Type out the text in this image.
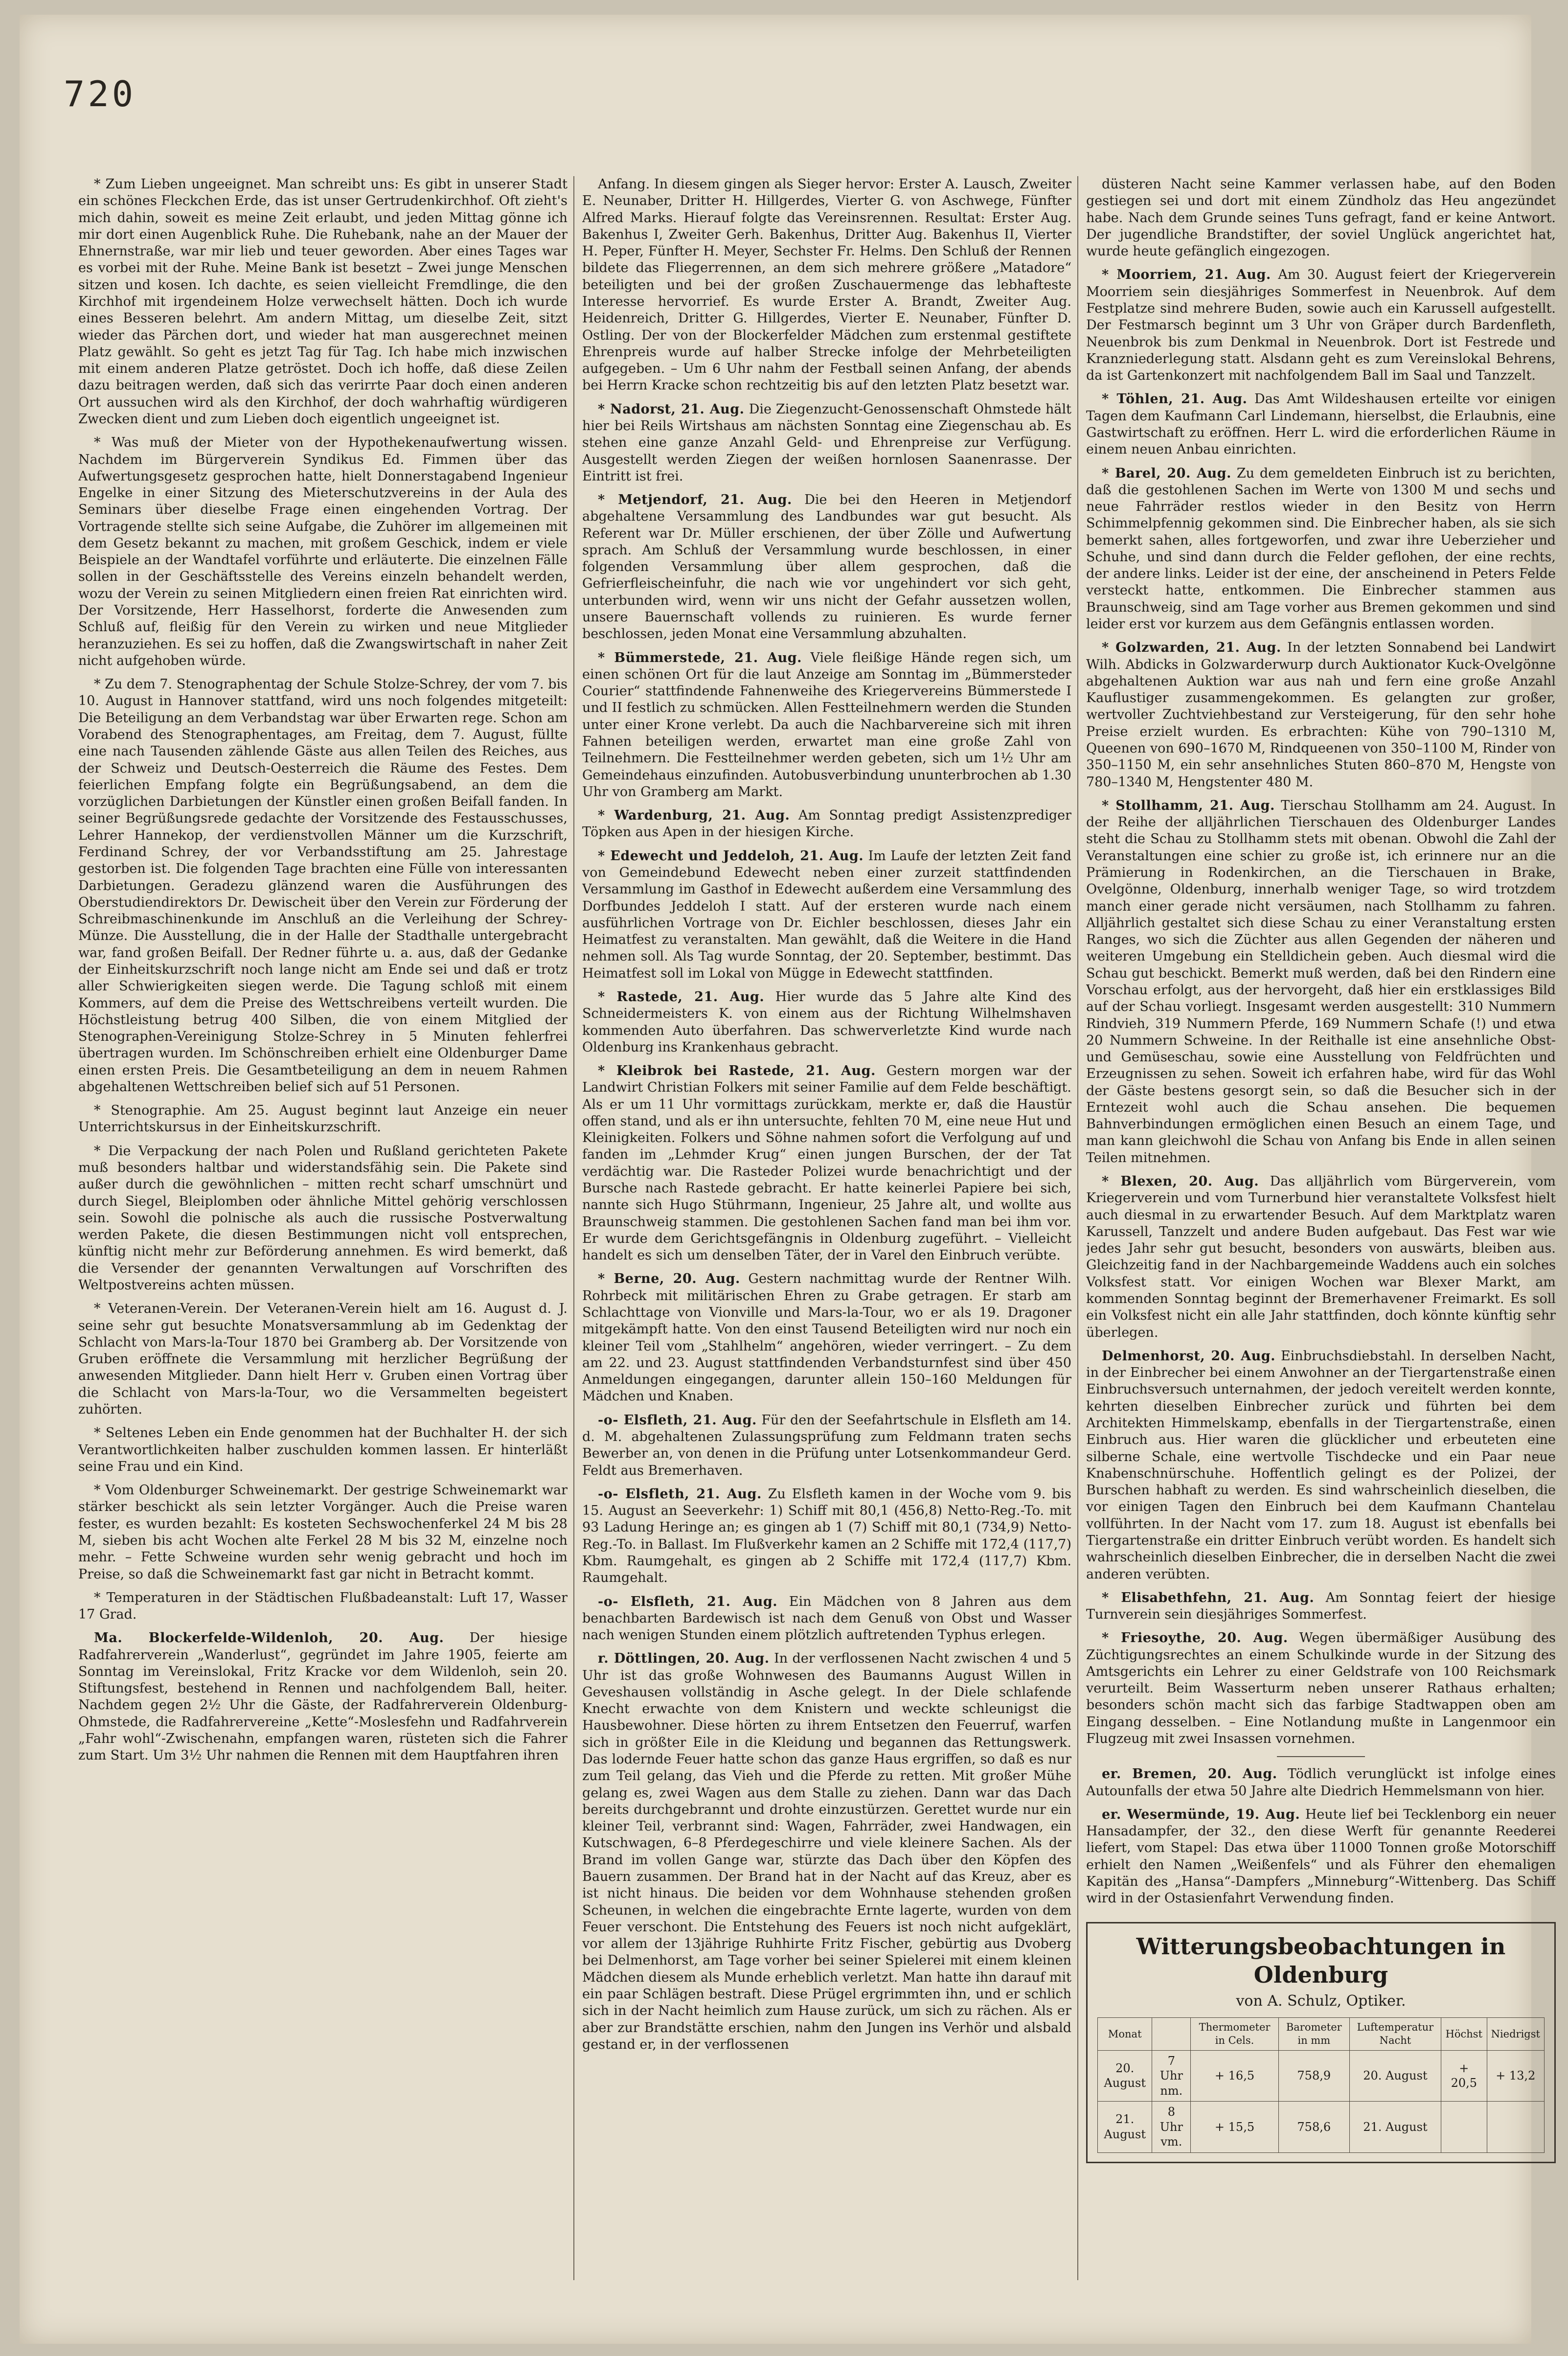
720

* Zum Lieben ungeeignet. Man schreibt uns: Es gibt in unserer Stadt ein schönes Fleckchen Erde, das ist unser Gertrudenkirchhof. Oft zieht's mich dahin, soweit es meine Zeit erlaubt, und jeden Mittag gönne ich mir dort einen Augenblick Ruhe. Die Ruhebank, nahe an der Mauer der Ehnernstraße, war mir lieb und teuer geworden. Aber eines Tages war es vorbei mit der Ruhe. Meine Bank ist besetzt – Zwei junge Menschen sitzen und kosen. Ich dachte, es seien vielleicht Fremdlinge, die den Kirchhof mit irgendeinem Holze verwechselt hätten. Doch ich wurde eines Besseren belehrt. Am andern Mittag, um dieselbe Zeit, sitzt wieder das Pärchen dort, und wieder hat man ausgerechnet meinen Platz gewählt. So geht es jetzt Tag für Tag. Ich habe mich inzwischen mit einem anderen Platze getröstet. Doch ich hoffe, daß diese Zeilen dazu beitragen werden, daß sich das verirrte Paar doch einen anderen Ort aussuchen wird als den Kirchhof, der doch wahrhaftig würdigeren Zwecken dient und zum Lieben doch eigentlich ungeeignet ist.

* Was muß der Mieter von der Hypothekenaufwertung wissen. Nachdem im Bürgerverein Syndikus Ed. Fimmen über das Aufwertungsgesetz gesprochen hatte, hielt Donnerstagabend Ingenieur Engelke in einer Sitzung des Mieterschutzvereins in der Aula des Seminars über dieselbe Frage einen eingehenden Vortrag. Der Vortragende stellte sich seine Aufgabe, die Zuhörer im allgemeinen mit dem Gesetz bekannt zu machen, mit großem Geschick, indem er viele Beispiele an der Wandtafel vorführte und erläuterte. Die einzelnen Fälle sollen in der Geschäftsstelle des Vereins einzeln behandelt werden, wozu der Verein zu seinen Mitgliedern einen freien Rat einrichten wird. Der Vorsitzende, Herr Hasselhorst, forderte die Anwesenden zum Schluß auf, fleißig für den Verein zu wirken und neue Mitglieder heranzuziehen. Es sei zu hoffen, daß die Zwangswirtschaft in naher Zeit nicht aufgehoben würde.

* Zu dem 7. Stenographentag der Schule Stolze-Schrey, der vom 7. bis 10. August in Hannover stattfand, wird uns noch folgendes mitgeteilt: Die Beteiligung an dem Verbandstag war über Erwarten rege. Schon am Vorabend des Stenographentages, am Freitag, dem 7. August, füllte eine nach Tausenden zählende Gäste aus allen Teilen des Reiches, aus der Schweiz und Deutsch-Oesterreich die Räume des Festes. Dem feierlichen Empfang folgte ein Begrüßungsabend, an dem die vorzüglichen Darbietungen der Künstler einen großen Beifall fanden. In seiner Begrüßungsrede gedachte der Vorsitzende des Festausschusses, Lehrer Hannekop, der verdienstvollen Männer um die Kurzschrift, Ferdinand Schrey, der vor Verbandsstiftung am 25. Jahrestage gestorben ist. Die folgenden Tage brachten eine Fülle von interessanten Darbietungen. Geradezu glänzend waren die Ausführungen des Oberstudiendirektors Dr. Dewischeit über den Verein zur Förderung der Schreibmaschinenkunde im Anschluß an die Verleihung der Schrey-Münze. Die Ausstellung, die in der Halle der Stadthalle untergebracht war, fand großen Beifall. Der Redner führte u. a. aus, daß der Gedanke der Einheitskurzschrift noch lange nicht am Ende sei und daß er trotz aller Schwierigkeiten siegen werde. Die Tagung schloß mit einem Kommers, auf dem die Preise des Wettschreibens verteilt wurden. Die Höchstleistung betrug 400 Silben, die von einem Mitglied der Stenographen-Vereinigung Stolze-Schrey in 5 Minuten fehlerfrei übertragen wurden. Im Schönschreiben erhielt eine Oldenburger Dame einen ersten Preis. Die Gesamtbeteiligung an dem in neuem Rahmen abgehaltenen Wettschreiben belief sich auf 51 Personen.

* Stenographie. Am 25. August beginnt laut Anzeige ein neuer Unterrichtskursus in der Einheitskurzschrift.

* Die Verpackung der nach Polen und Rußland gerichteten Pakete muß besonders haltbar und widerstandsfähig sein. Die Pakete sind außer durch die gewöhnlichen – mitten recht scharf umschnürt und durch Siegel, Bleiplomben oder ähnliche Mittel gehörig verschlossen sein. Sowohl die polnische als auch die russische Postverwaltung werden Pakete, die diesen Bestimmungen nicht voll entsprechen, künftig nicht mehr zur Beförderung annehmen. Es wird bemerkt, daß die Versender der genannten Verwaltungen auf Vorschriften des Weltpostvereins achten müssen.

* Veteranen-Verein. Der Veteranen-Verein hielt am 16. August d. J. seine sehr gut besuchte Monatsversammlung ab im Gedenktag der Schlacht von Mars-la-Tour 1870 bei Gramberg ab. Der Vorsitzende von Gruben eröffnete die Versammlung mit herzlicher Begrüßung der anwesenden Mitglieder. Dann hielt Herr v. Gruben einen Vortrag über die Schlacht von Mars-la-Tour, wo die Versammelten begeistert zuhörten.

* Seltenes Leben ein Ende genommen hat der Buchhalter H. der sich Verantwortlichkeiten halber zuschulden kommen lassen. Er hinterläßt seine Frau und ein Kind.

* Vom Oldenburger Schweinemarkt. Der gestrige Schweinemarkt war stärker beschickt als sein letzter Vorgänger. Auch die Preise waren fester, es wurden bezahlt: Es kosteten Sechswochenferkel 24 M bis 28 M, sieben bis acht Wochen alte Ferkel 28 M bis 32 M, einzelne noch mehr. – Fette Schweine wurden sehr wenig gebracht und hoch im Preise, so daß die Schweinemarkt fast gar nicht in Betracht kommt.

* Temperaturen in der Städtischen Flußbadeanstalt: Luft 17, Wasser 17 Grad.

Ma. Blockerfelde-Wildenloh, 20. Aug. Der hiesige Radfahrerverein „Wanderlust“, gegründet im Jahre 1905, feierte am Sonntag im Vereinslokal, Fritz Kracke vor dem Wildenloh, sein 20. Stiftungsfest, bestehend in Rennen und nachfolgendem Ball, heiter. Nachdem gegen 2½ Uhr die Gäste, der Radfahrerverein Oldenburg-Ohmstede, die Radfahrervereine „Kette“-Moslesfehn und Radfahrverein „Fahr wohl“-Zwischenahn, empfangen waren, rüsteten sich die Fahrer zum Start. Um 3½ Uhr nahmen die Rennen mit dem Hauptfahren ihren

Anfang. In diesem gingen als Sieger hervor: Erster A. Lausch, Zweiter E. Neunaber, Dritter H. Hillgerdes, Vierter G. von Aschwege, Fünfter Alfred Marks. Hierauf folgte das Vereinsrennen. Resultat: Erster Aug. Bakenhus I, Zweiter Gerh. Bakenhus, Dritter Aug. Bakenhus II, Vierter H. Peper, Fünfter H. Meyer, Sechster Fr. Helms. Den Schluß der Rennen bildete das Fliegerrennen, an dem sich mehrere größere „Matadore“ beteiligten und bei der großen Zuschauermenge das lebhafteste Interesse hervorrief. Es wurde Erster A. Brandt, Zweiter Aug. Heidenreich, Dritter G. Hillgerdes, Vierter E. Neunaber, Fünfter D. Ostling. Der von der Blockerfelder Mädchen zum erstenmal gestiftete Ehrenpreis wurde auf halber Strecke infolge der Mehrbeteiligten aufgegeben. – Um 6 Uhr nahm der Festball seinen Anfang, der abends bei Herrn Kracke schon rechtzeitig bis auf den letzten Platz besetzt war.

* Nadorst, 21. Aug. Die Ziegenzucht-Genossenschaft Ohmstede hält hier bei Reils Wirtshaus am nächsten Sonntag eine Ziegenschau ab. Es stehen eine ganze Anzahl Geld- und Ehrenpreise zur Verfügung. Ausgestellt werden Ziegen der weißen hornlosen Saanenrasse. Der Eintritt ist frei.

* Metjendorf, 21. Aug. Die bei den Heeren in Metjendorf abgehaltene Versammlung des Landbundes war gut besucht. Als Referent war Dr. Müller erschienen, der über Zölle und Aufwertung sprach. Am Schluß der Versammlung wurde beschlossen, in einer folgenden Versammlung über allem gesprochen, daß die Gefrierfleischeinfuhr, die nach wie vor ungehindert vor sich geht, unterbunden wird, wenn wir uns nicht der Gefahr aussetzen wollen, unsere Bauernschaft vollends zu ruinieren. Es wurde ferner beschlossen, jeden Monat eine Versammlung abzuhalten.

* Bümmerstede, 21. Aug. Viele fleißige Hände regen sich, um einen schönen Ort für die laut Anzeige am Sonntag im „Bümmersteder Courier“ stattfindende Fahnenweihe des Kriegervereins Bümmerstede I und II festlich zu schmücken. Allen Festteilnehmern werden die Stunden unter einer Krone verlebt. Da auch die Nachbarvereine sich mit ihren Fahnen beteiligen werden, erwartet man eine große Zahl von Teilnehmern. Die Festteilnehmer werden gebeten, sich um 1½ Uhr am Gemeindehaus einzufinden. Autobusverbindung ununterbrochen ab 1.30 Uhr von Gramberg am Markt.

* Wardenburg, 21. Aug. Am Sonntag predigt Assistenzprediger Töpken aus Apen in der hiesigen Kirche.

* Edewecht und Jeddeloh, 21. Aug. Im Laufe der letzten Zeit fand von Gemeindebund Edewecht neben einer zurzeit stattfindenden Versammlung im Gasthof in Edewecht außerdem eine Versammlung des Dorfbundes Jeddeloh I statt. Auf der ersteren wurde nach einem ausführlichen Vortrage von Dr. Eichler beschlossen, dieses Jahr ein Heimatfest zu veranstalten. Man gewählt, daß die Weitere in die Hand nehmen soll. Als Tag wurde Sonntag, der 20. September, bestimmt. Das Heimatfest soll im Lokal von Mügge in Edewecht stattfinden.

* Rastede, 21. Aug. Hier wurde das 5 Jahre alte Kind des Schneidermeisters K. von einem aus der Richtung Wilhelmshaven kommenden Auto überfahren. Das schwerverletzte Kind wurde nach Oldenburg ins Krankenhaus gebracht.

* Kleibrok bei Rastede, 21. Aug. Gestern morgen war der Landwirt Christian Folkers mit seiner Familie auf dem Felde beschäftigt. Als er um 11 Uhr vormittags zurückkam, merkte er, daß die Haustür offen stand, und als er ihn untersuchte, fehlten 70 M, eine neue Hut und Kleinigkeiten. Folkers und Söhne nahmen sofort die Verfolgung auf und fanden im „Lehmder Krug“ einen jungen Burschen, der der Tat verdächtig war. Die Rasteder Polizei wurde benachrichtigt und der Bursche nach Rastede gebracht. Er hatte keinerlei Papiere bei sich, nannte sich Hugo Stührmann, Ingenieur, 25 Jahre alt, und wollte aus Braunschweig stammen. Die gestohlenen Sachen fand man bei ihm vor. Er wurde dem Gerichtsgefängnis in Oldenburg zugeführt. – Vielleicht handelt es sich um denselben Täter, der in Varel den Einbruch verübte.

* Berne, 20. Aug. Gestern nachmittag wurde der Rentner Wilh. Rohrbeck mit militärischen Ehren zu Grabe getragen. Er starb am Schlachttage von Vionville und Mars-la-Tour, wo er als 19. Dragoner mitgekämpft hatte. Von den einst Tausend Beteiligten wird nur noch ein kleiner Teil vom „Stahlhelm“ angehören, wieder verringert. – Zu dem am 22. und 23. August stattfindenden Verbandsturnfest sind über 450 Anmeldungen eingegangen, darunter allein 150–160 Meldungen für Mädchen und Knaben.

-o- Elsfleth, 21. Aug. Für den der Seefahrtschule in Elsfleth am 14. d. M. abgehaltenen Zulassungsprüfung zum Feldmann traten sechs Bewerber an, von denen in die Prüfung unter Lotsenkommandeur Gerd. Feldt aus Bremerhaven.

-o- Elsfleth, 21. Aug. Zu Elsfleth kamen in der Woche vom 9. bis 15. August an Seeverkehr: 1) Schiff mit 80,1 (456,8) Netto-Reg.-To. mit 93 Ladung Heringe an; es gingen ab 1 (7) Schiff mit 80,1 (734,9) Netto-Reg.-To. in Ballast. Im Flußverkehr kamen an 2 Schiffe mit 172,4 (117,7) Kbm. Raumgehalt, es gingen ab 2 Schiffe mit 172,4 (117,7) Kbm. Raumgehalt.

-o- Elsfleth, 21. Aug. Ein Mädchen von 8 Jahren aus dem benachbarten Bardewisch ist nach dem Genuß von Obst und Wasser nach wenigen Stunden einem plötzlich auftretenden Typhus erlegen.

r. Döttlingen, 20. Aug. In der verflossenen Nacht zwischen 4 und 5 Uhr ist das große Wohnwesen des Baumanns August Willen in Geveshausen vollständig in Asche gelegt. In der Diele schlafende Knecht erwachte von dem Knistern und weckte schleunigst die Hausbewohner. Diese hörten zu ihrem Entsetzen den Feuerruf, warfen sich in größter Eile in die Kleidung und begannen das Rettungswerk. Das lodernde Feuer hatte schon das ganze Haus ergriffen, so daß es nur zum Teil gelang, das Vieh und die Pferde zu retten. Mit großer Mühe gelang es, zwei Wagen aus dem Stalle zu ziehen. Dann war das Dach bereits durchgebrannt und drohte einzustürzen. Gerettet wurde nur ein kleiner Teil, verbrannt sind: Wagen, Fahrräder, zwei Handwagen, ein Kutschwagen, 6–8 Pferdegeschirre und viele kleinere Sachen. Als der Brand im vollen Gange war, stürzte das Dach über den Köpfen des Bauern zusammen. Der Brand hat in der Nacht auf das Kreuz, aber es ist nicht hinaus. Die beiden vor dem Wohnhause stehenden großen Scheunen, in welchen die eingebrachte Ernte lagerte, wurden von dem Feuer verschont. Die Entstehung des Feuers ist noch nicht aufgeklärt, vor allem der 13jährige Ruhhirte Fritz Fischer, gebürtig aus Dvoberg bei Delmenhorst, am Tage vorher bei seiner Spielerei mit einem kleinen Mädchen diesem als Munde erheblich verletzt. Man hatte ihn darauf mit ein paar Schlägen bestraft. Diese Prügel ergrimmten ihn, und er schlich sich in der Nacht heimlich zum Hause zurück, um sich zu rächen. Als er aber zur Brandstätte erschien, nahm den Jungen ins Verhör und alsbald gestand er, in der verflossenen

düsteren Nacht seine Kammer verlassen habe, auf den Boden gestiegen sei und dort mit einem Zündholz das Heu angezündet habe. Nach dem Grunde seines Tuns gefragt, fand er keine Antwort. Der jugendliche Brandstifter, der soviel Unglück angerichtet hat, wurde heute gefänglich eingezogen.

* Moorriem, 21. Aug. Am 30. August feiert der Kriegerverein Moorriem sein diesjähriges Sommerfest in Neuenbrok. Auf dem Festplatze sind mehrere Buden, sowie auch ein Karussell aufgestellt. Der Festmarsch beginnt um 3 Uhr von Gräper durch Bardenfleth, Neuenbrok bis zum Denkmal in Neuenbrok. Dort ist Festrede und Kranzniederlegung statt. Alsdann geht es zum Vereinslokal Behrens, da ist Gartenkonzert mit nachfolgendem Ball im Saal und Tanzzelt.

* Töhlen, 21. Aug. Das Amt Wildeshausen erteilte vor einigen Tagen dem Kaufmann Carl Lindemann, hierselbst, die Erlaubnis, eine Gastwirtschaft zu eröffnen. Herr L. wird die erforderlichen Räume in einem neuen Anbau einrichten.

* Barel, 20. Aug. Zu dem gemeldeten Einbruch ist zu berichten, daß die gestohlenen Sachen im Werte von 1300 M und sechs und neue Fahrräder restlos wieder in den Besitz von Herrn Schimmelpfennig gekommen sind. Die Einbrecher haben, als sie sich bemerkt sahen, alles fortgeworfen, und zwar ihre Ueberzieher und Schuhe, und sind dann durch die Felder geflohen, der eine rechts, der andere links. Leider ist der eine, der anscheinend in Peters Felde versteckt hatte, entkommen. Die Einbrecher stammen aus Braunschweig, sind am Tage vorher aus Bremen gekommen und sind leider erst vor kurzem aus dem Gefängnis entlassen worden.

* Golzwarden, 21. Aug. In der letzten Sonnabend bei Landwirt Wilh. Abdicks in Golzwarderwurp durch Auktionator Kuck-Ovelgönne abgehaltenen Auktion war aus nah und fern eine große Anzahl Kauflustiger zusammengekommen. Es gelangten zur großer, wertvoller Zuchtviehbestand zur Versteigerung, für den sehr hohe Preise erzielt wurden. Es erbrachten: Kühe von 790–1310 M, Queenen von 690–1670 M, Rindqueenen von 350–1100 M, Rinder von 350–1150 M, ein sehr ansehnliches Stuten 860–870 M, Hengste von 780–1340 M, Hengstenter 480 M.

* Stollhamm, 21. Aug. Tierschau Stollhamm am 24. August. In der Reihe der alljährlichen Tierschauen des Oldenburger Landes steht die Schau zu Stollhamm stets mit obenan. Obwohl die Zahl der Veranstaltungen eine schier zu große ist, ich erinnere nur an die Prämierung in Rodenkirchen, an die Tierschauen in Brake, Ovelgönne, Oldenburg, innerhalb weniger Tage, so wird trotzdem manch einer gerade nicht versäumen, nach Stollhamm zu fahren. Alljährlich gestaltet sich diese Schau zu einer Veranstaltung ersten Ranges, wo sich die Züchter aus allen Gegenden der näheren und weiteren Umgebung ein Stelldichein geben. Auch diesmal wird die Schau gut beschickt. Bemerkt muß werden, daß bei den Rindern eine Vorschau erfolgt, aus der hervorgeht, daß hier ein erstklassiges Bild auf der Schau vorliegt. Insgesamt werden ausgestellt: 310 Nummern Rindvieh, 319 Nummern Pferde, 169 Nummern Schafe (!) und etwa 20 Nummern Schweine. In der Reithalle ist eine ansehnliche Obst- und Gemüseschau, sowie eine Ausstellung von Feldfrüchten und Erzeugnissen zu sehen. Soweit ich erfahren habe, wird für das Wohl der Gäste bestens gesorgt sein, so daß die Besucher sich in der Erntezeit wohl auch die Schau ansehen. Die bequemen Bahnverbindungen ermöglichen einen Besuch an einem Tage, und man kann gleichwohl die Schau von Anfang bis Ende in allen seinen Teilen mitnehmen.

* Blexen, 20. Aug. Das alljährlich vom Bürgerverein, vom Kriegerverein und vom Turnerbund hier veranstaltete Volksfest hielt auch diesmal in zu erwartender Besuch. Auf dem Marktplatz waren Karussell, Tanzzelt und andere Buden aufgebaut. Das Fest war wie jedes Jahr sehr gut besucht, besonders von auswärts, bleiben aus. Gleichzeitig fand in der Nachbargemeinde Waddens auch ein solches Volksfest statt. Vor einigen Wochen war Blexer Markt, am kommenden Sonntag beginnt der Bremerhavener Freimarkt. Es soll ein Volksfest nicht ein alle Jahr stattfinden, doch könnte künftig sehr überlegen.

Delmenhorst, 20. Aug. Einbruchsdiebstahl. In derselben Nacht, in der Einbrecher bei einem Anwohner an der Tiergartenstraße einen Einbruchsversuch unternahmen, der jedoch vereitelt werden konnte, kehrten dieselben Einbrecher zurück und führten bei dem Architekten Himmelskamp, ebenfalls in der Tiergartenstraße, einen Einbruch aus. Hier waren die glücklicher und erbeuteten eine silberne Schale, eine wertvolle Tischdecke und ein Paar neue Knabenschnürschuhe. Hoffentlich gelingt es der Polizei, der Burschen habhaft zu werden. Es sind wahrscheinlich dieselben, die vor einigen Tagen den Einbruch bei dem Kaufmann Chantelau vollführten. In der Nacht vom 17. zum 18. August ist ebenfalls bei Tiergartenstraße ein dritter Einbruch verübt worden. Es handelt sich wahrscheinlich dieselben Einbrecher, die in derselben Nacht die zwei anderen verübten.

* Elisabethfehn, 21. Aug. Am Sonntag feiert der hiesige Turnverein sein diesjähriges Sommerfest.

* Friesoythe, 20. Aug. Wegen übermäßiger Ausübung des Züchtigungsrechtes an einem Schulkinde wurde in der Sitzung des Amtsgerichts ein Lehrer zu einer Geldstrafe von 100 Reichsmark verurteilt. Beim Wasserturm neben unserer Rathaus erhalten; besonders schön macht sich das farbige Stadtwappen oben am Eingang desselben. – Eine Notlandung mußte in Langenmoor ein Flugzeug mit zwei Insassen vornehmen.

er. Bremen, 20. Aug. Tödlich verunglückt ist infolge eines Autounfalls der etwa 50 Jahre alte Diedrich Hemmelsmann von hier.

er. Wesermünde, 19. Aug. Heute lief bei Tecklenborg ein neuer Hansadampfer, der 32., den diese Werft für genannte Reederei liefert, vom Stapel: Das etwa über 11000 Tonnen große Motorschiff erhielt den Namen „Weißenfels“ und als Führer den ehemaligen Kapitän des „Hansa“-Dampfers „Minneburg“-Wittenberg. Das Schiff wird in der Ostasienfahrt Verwendung finden.

Witterungsbeobachtungen in Oldenburg
von A. Schulz, Optiker.
Monat		Thermometer in Cels.	Barometer in mm	Luftemperatur Nacht	Höchst	Niedrigst
20. August	7 Uhr nm.	+ 16,5	758,9	20. August	+ 20,5	+ 13,2
21. August	8 Uhr vm.	+ 15,5	758,6	21. August		
